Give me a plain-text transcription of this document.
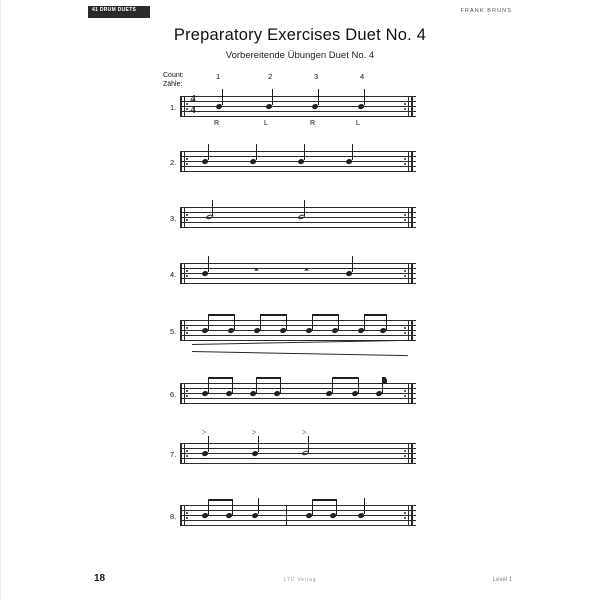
41 DRUM DUETS	FRANK BRUNS
Preparatory Exercises Duet No. 4
Vorbereitende Übungen Duet No. 4
Count:
Zähle:
1	2	3	4
1.
4
4
R	L	R	L
2.
3.
4.	𝄼	𝄼
5.
6.
7.
>	>	>
8.
18	LTU Verlag	Level 1
